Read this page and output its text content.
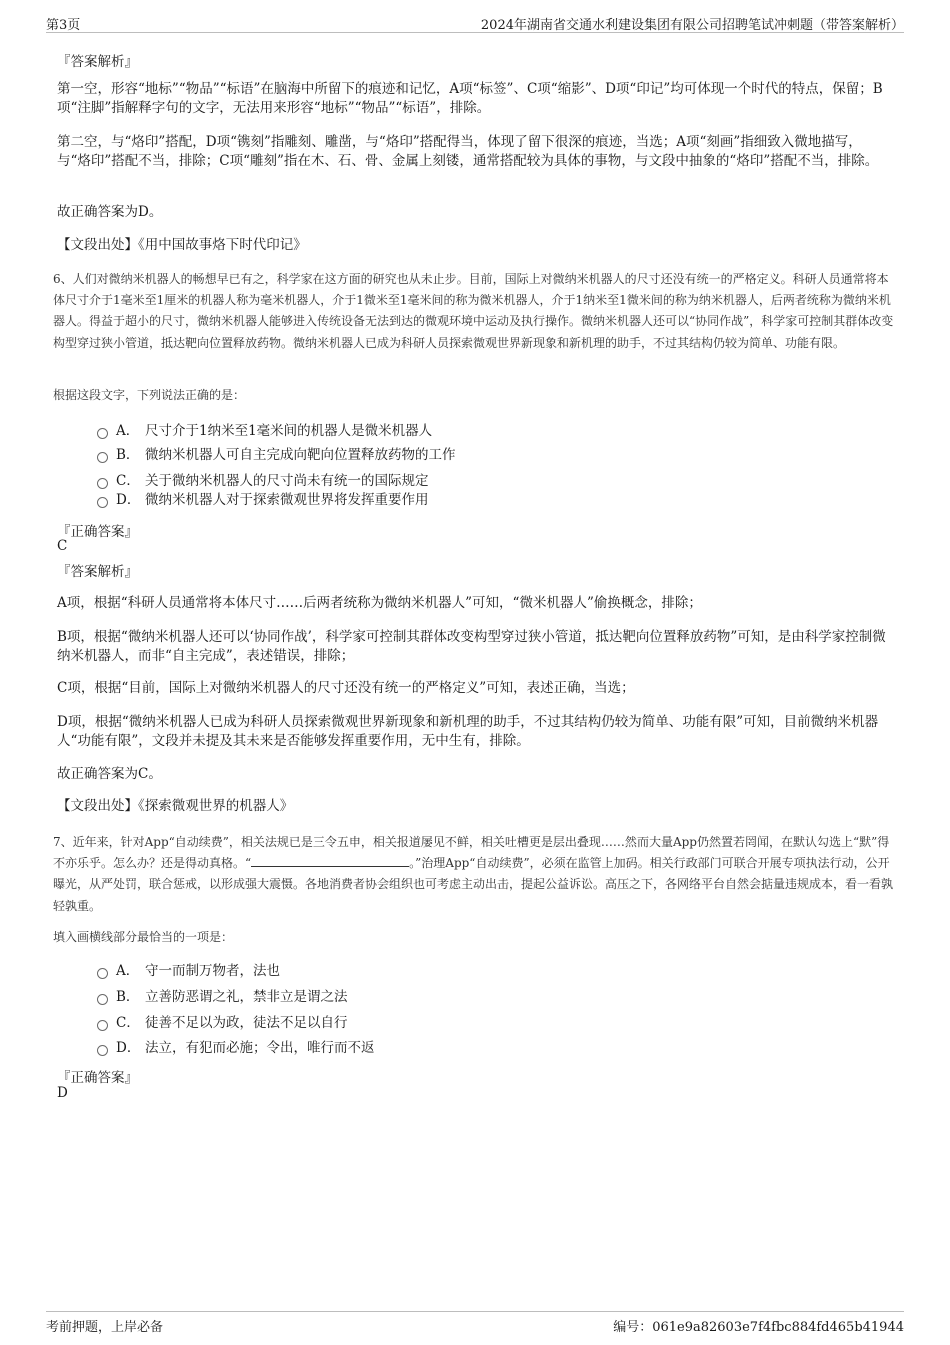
第3页	2024年湖南省交通水利建设集团有限公司招聘笔试冲刺题（带答案解析）
『答案解析』
第一空，形容“地标”“物品”“标语”在脑海中所留下的痕迹和记忆，A项“标签”、C项“缩影”、D项“印记”均可体现一个时代的特点，保留；B项“注脚”指解释字句的文字，无法用来形容“地标”“物品”“标语”，排除。
第二空，与“烙印”搭配，D项“镌刻”指雕刻、雕凿，与“烙印”搭配得当，体现了留下很深的痕迹，当选；A项“刻画”指细致入微地描写，与“烙印”搭配不当，排除；C项“雕刻”指在木、石、骨、金属上刻镂，通常搭配较为具体的事物，与文段中抽象的“烙印”搭配不当，排除。
故正确答案为D。
【文段出处】《用中国故事烙下时代印记》
6、人们对微纳米机器人的畅想早已有之，科学家在这方面的研究也从未止步。目前，国际上对微纳米机器人的尺寸还没有统一的严格定义。科研人员通常将本体尺寸介于1毫米至1厘米的机器人称为毫米机器人，介于1微米至1毫米间的称为微米机器人，介于1纳米至1微米间的称为纳米机器人，后两者统称为微纳米机器人。得益于超小的尺寸，微纳米机器人能够进入传统设备无法到达的微观环境中运动及执行操作。微纳米机器人还可以“协同作战”，科学家可控制其群体改变构型穿过狭小管道，抵达靶向位置释放药物。微纳米机器人已成为科研人员探索微观世界新现象和新机理的助手，不过其结构仍较为简单、功能有限。
根据这段文字，下列说法正确的是：
A． 尺寸介于1纳米至1毫米间的机器人是微米机器人
B． 微纳米机器人可自主完成向靶向位置释放药物的工作
C． 关于微纳米机器人的尺寸尚未有统一的国际规定
D． 微纳米机器人对于探索微观世界将发挥重要作用
『正确答案』
C
『答案解析』
A项，根据“科研人员通常将本体尺寸……后两者统称为微纳米机器人”可知，“微米机器人”偷换概念，排除；
B项，根据“微纳米机器人还可以‘协同作战’，科学家可控制其群体改变构型穿过狭小管道，抵达靶向位置释放药物”可知，是由科学家控制微纳米机器人，而非“自主完成”，表述错误，排除；
C项，根据“目前，国际上对微纳米机器人的尺寸还没有统一的严格定义”可知，表述正确，当选；
D项，根据“微纳米机器人已成为科研人员探索微观世界新现象和新机理的助手，不过其结构仍较为简单、功能有限”可知，目前微纳米机器人“功能有限”，文段并未提及其未来是否能够发挥重要作用，无中生有，排除。
故正确答案为C。
【文段出处】《探索微观世界的机器人》
7、近年来，针对App“自动续费”，相关法规已是三令五申，相关报道屡见不鲜，相关吐槽更是层出叠现……然而大量App仍然置若罔闻，在默认勾选上“默”得不亦乐乎。怎么办？还是得动真格。“	。”治理App“自动续费”，必须在监管上加码。相关行政部门可联合开展专项执法行动，公开曝光，从严处罚，联合惩戒，以形成强大震慑。各地消费者协会组织也可考虑主动出击，提起公益诉讼。高压之下，各网络平台自然会掂量违规成本，看一看孰轻孰重。
填入画横线部分最恰当的一项是：
A． 守一而制万物者，法也
B． 立善防恶谓之礼，禁非立是谓之法
C． 徒善不足以为政，徒法不足以自行
D． 法立，有犯而必施；令出，唯行而不返
『正确答案』
D
考前押题，上岸必备	编号：061e9a82603e7f4fbc884fd465b41944
